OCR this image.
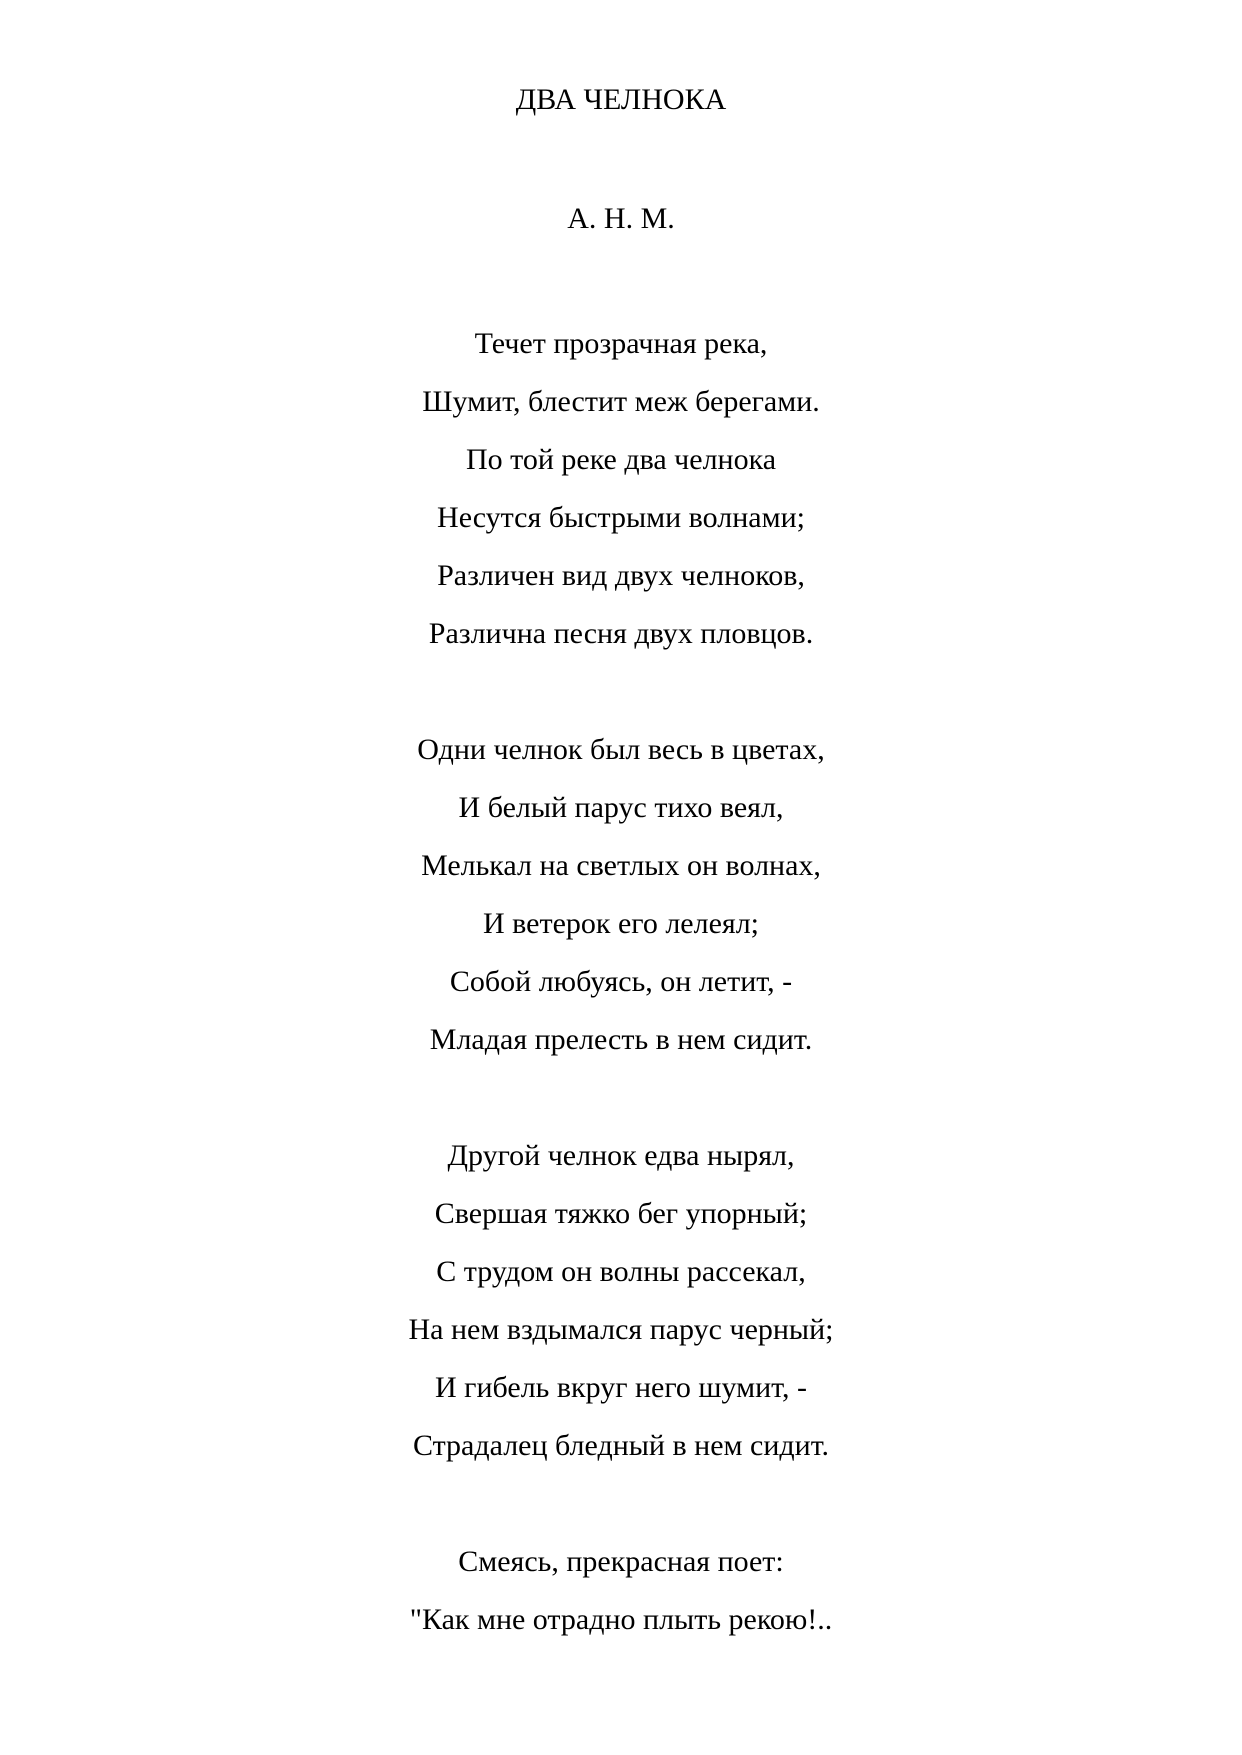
ДВА ЧЕЛНОКА
А. Н. М.
Течет прозрачная река,
Шумит, блестит меж берегами.
По той реке два челнока
Несутся быстрыми волнами;
Различен вид двух челноков,
Различна песня двух пловцов.
Одни челнок был весь в цветах,
И белый парус тихо веял,
Мелькал на светлых он волнах,
И ветерок его лелеял;
Собой любуясь, он летит, -
Младая прелесть в нем сидит.
Другой челнок едва нырял,
Свершая тяжко бег упорный;
С трудом он волны рассекал,
На нем вздымался парус черный;
И гибель вкруг него шумит, -
Страдалец бледный в нем сидит.
Смеясь, прекрасная поет:
"Как мне отрадно плыть рекою!..
